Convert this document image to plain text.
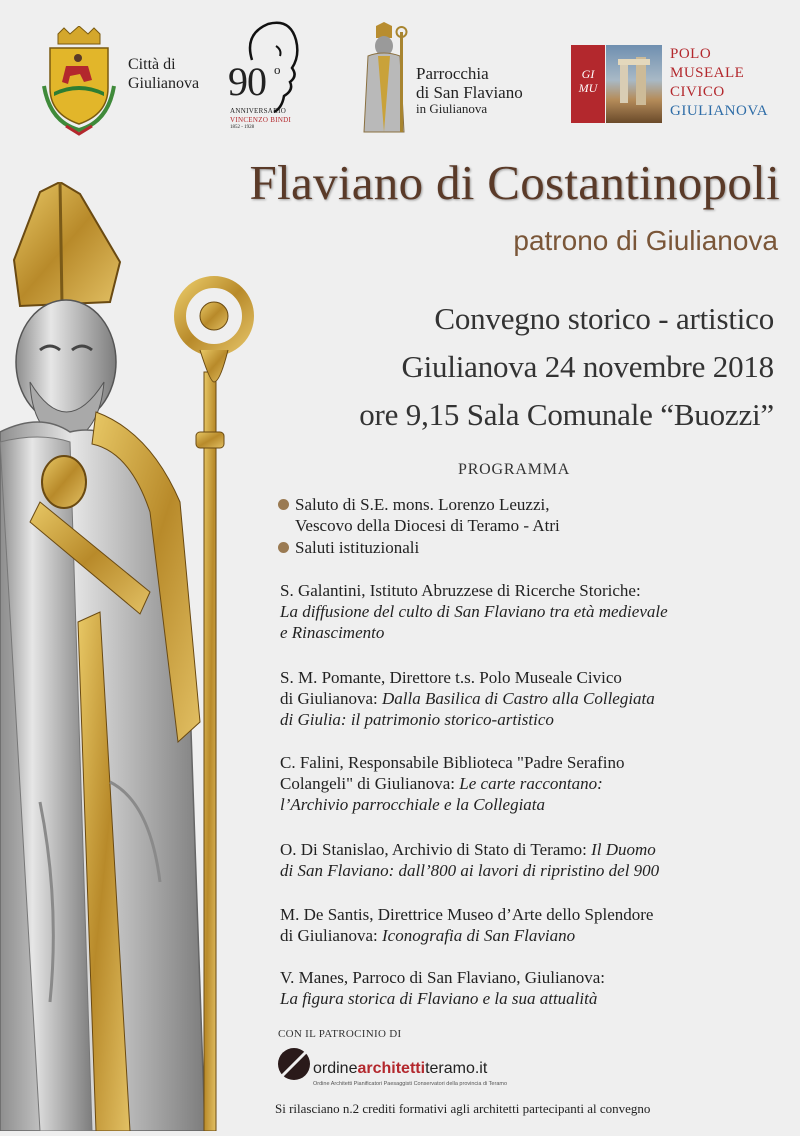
Città di
Giulianova 90 o
ANNIVERSARIO
VINCENZO BINDI
1852 - 1928
Parrocchia
di San Flaviano
in Giulianova
GI
MU
POLO
MUSEALE
CIVICO
GIULIANOVA
Flaviano di Costantinopoli
patrono di Giulianova
Convegno storico - artistico
Giulianova 24 novembre 2018
ore 9,15 Sala Comunale “Buozzi”
PROGRAMMA
Saluto di S.E. mons. Lorenzo Leuzzi,
Vescovo della Diocesi di Teramo - Atri
Saluti istituzionali
S. Galantini, Istituto Abruzzese di Ricerche Storiche:
La diffusione del culto di San Flaviano tra età medievale
e Rinascimento
S. M. Pomante, Direttore t.s. Polo Museale Civico
di Giulianova: Dalla Basilica di Castro alla Collegiata
di Giulia: il patrimonio storico-artistico
C. Falini, Responsabile Biblioteca "Padre Serafino
Colangeli" di Giulianova: Le carte raccontano:
l’Archivio parrocchiale e la Collegiata
O. Di Stanislao, Archivio di Stato di Teramo: Il Duomo
di San Flaviano: dall’800 ai lavori di ripristino del 900
M. De Santis, Direttrice Museo d’Arte dello Splendore
di Giulianova: Iconografia di San Flaviano
V. Manes, Parroco di San Flaviano, Giulianova:
La figura storica di Flaviano e la sua attualità
CON IL PATROCINIO DI
ordinearchitettiteramo.it
Ordine Architetti Pianificatori Paesaggisti Conservatori della provincia di Teramo
Si rilasciano n.2 crediti formativi agli architetti partecipanti al convegno
